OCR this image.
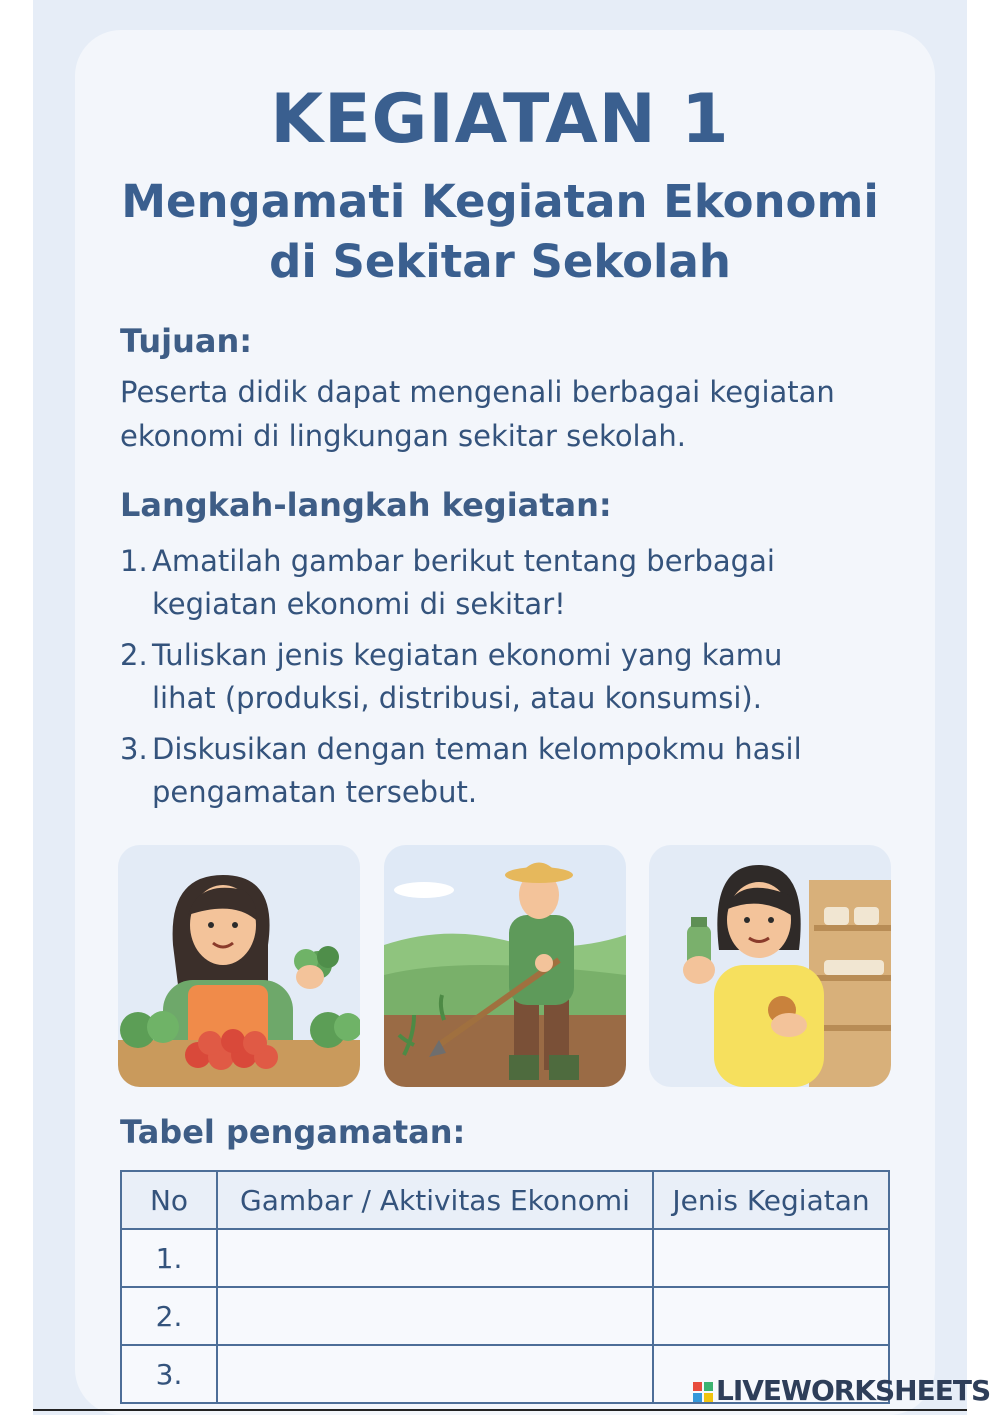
KEGIATAN 1
Mengamati Kegiatan Ekonomi
di Sekitar Sekolah
Tujuan:
Peserta didik dapat mengenali berbagai kegiatan
ekonomi di lingkungan sekitar sekolah.
Langkah-langkah kegiatan:
1. Amatilah gambar berikut tentang berbagai
kegiatan ekonomi di sekitar!
2. Tuliskan jenis kegiatan ekonomi yang kamu
lihat (produksi, distribusi, atau konsumsi).
3. Diskusikan dengan teman kelompokmu hasil
pengamatan tersebut.
Tabel pengamatan:
No	Gambar / Aktivitas Ekonomi	Jenis Kegiatan
1.		
2.		
3.			LIVEWORKSHEETS
